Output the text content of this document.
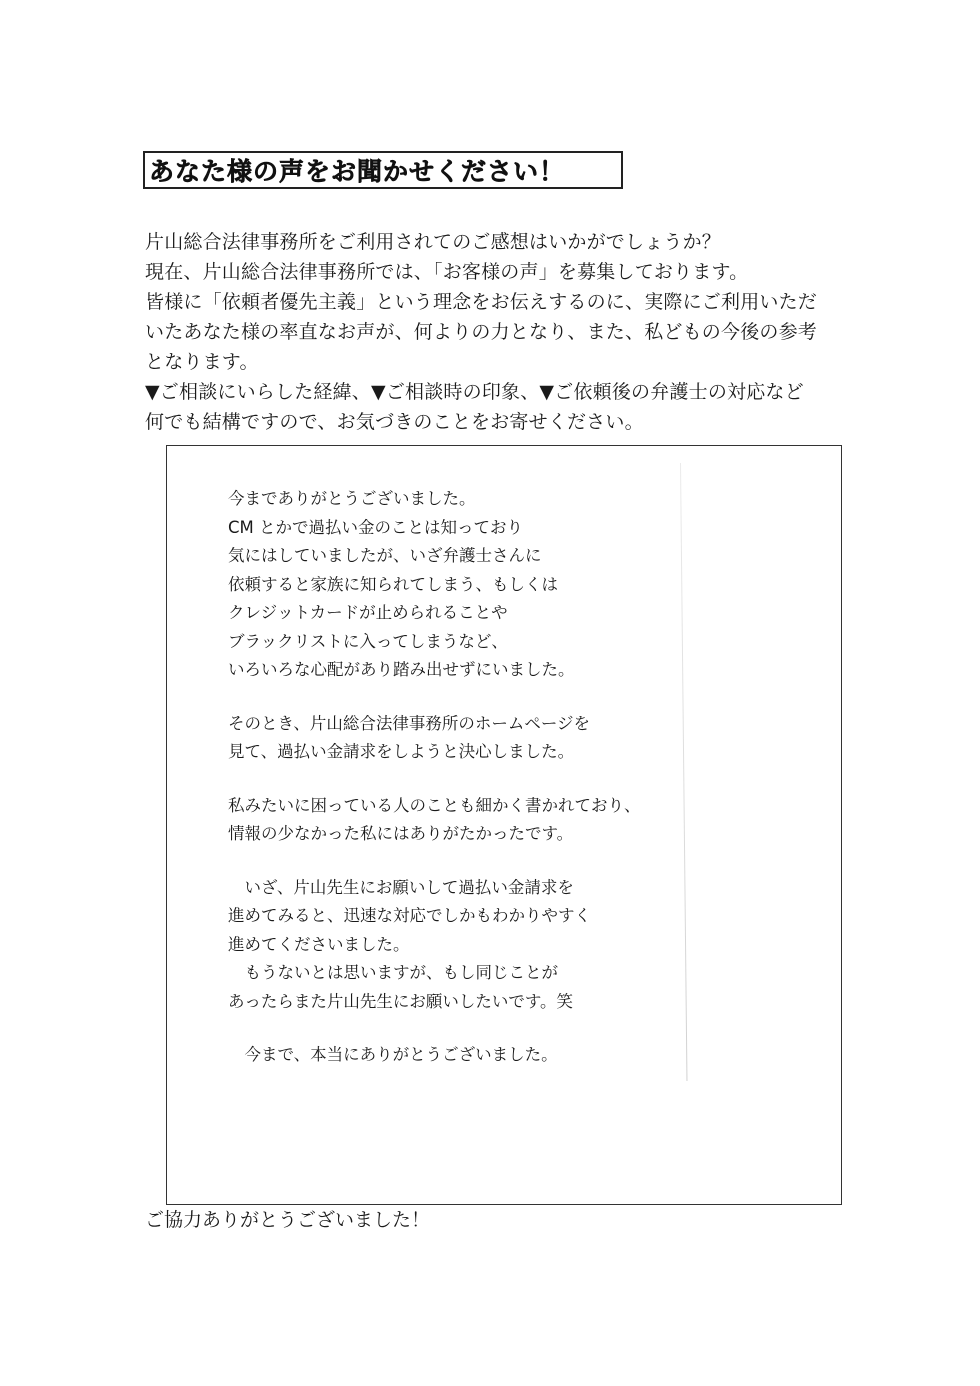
あなた様の声をお聞かせください！
片山総合法律事務所をご利用されてのご感想はいかがでしょうか？
現在、片山総合法律事務所では、「お客様の声」を募集しております。
皆様に「依頼者優先主義」という理念をお伝えするのに、実際にご利用いただ
いたあなた様の率直なお声が、何よりの力となり、また、私どもの今後の参考
となります。
▼ご相談にいらした経緯、▼ご相談時の印象、▼ご依頼後の弁護士の対応など
何でも結構ですので、お気づきのことをお寄せください。
今までありがとうございました。
CM とかで過払い金のことは知っており
気にはしていましたが、いざ弁護士さんに
依頼すると家族に知られてしまう、もしくは
クレジットカードが止められることや
ブラックリストに入ってしまうなど、
いろいろな心配があり踏み出せずにいました。
そのとき、片山総合法律事務所のホームページを
見て、過払い金請求をしようと決心しました。
私みたいに困っている人のことも細かく書かれており、
情報の少なかった私にはありがたかったです。
　いざ、片山先生にお願いして過払い金請求を
進めてみると、迅速な対応でしかもわかりやすく
進めてくださいました。
　もうないとは思いますが、もし同じことが
あったらまた片山先生にお願いしたいです。笑
　今まで、本当にありがとうございました。
ご協力ありがとうございました！
